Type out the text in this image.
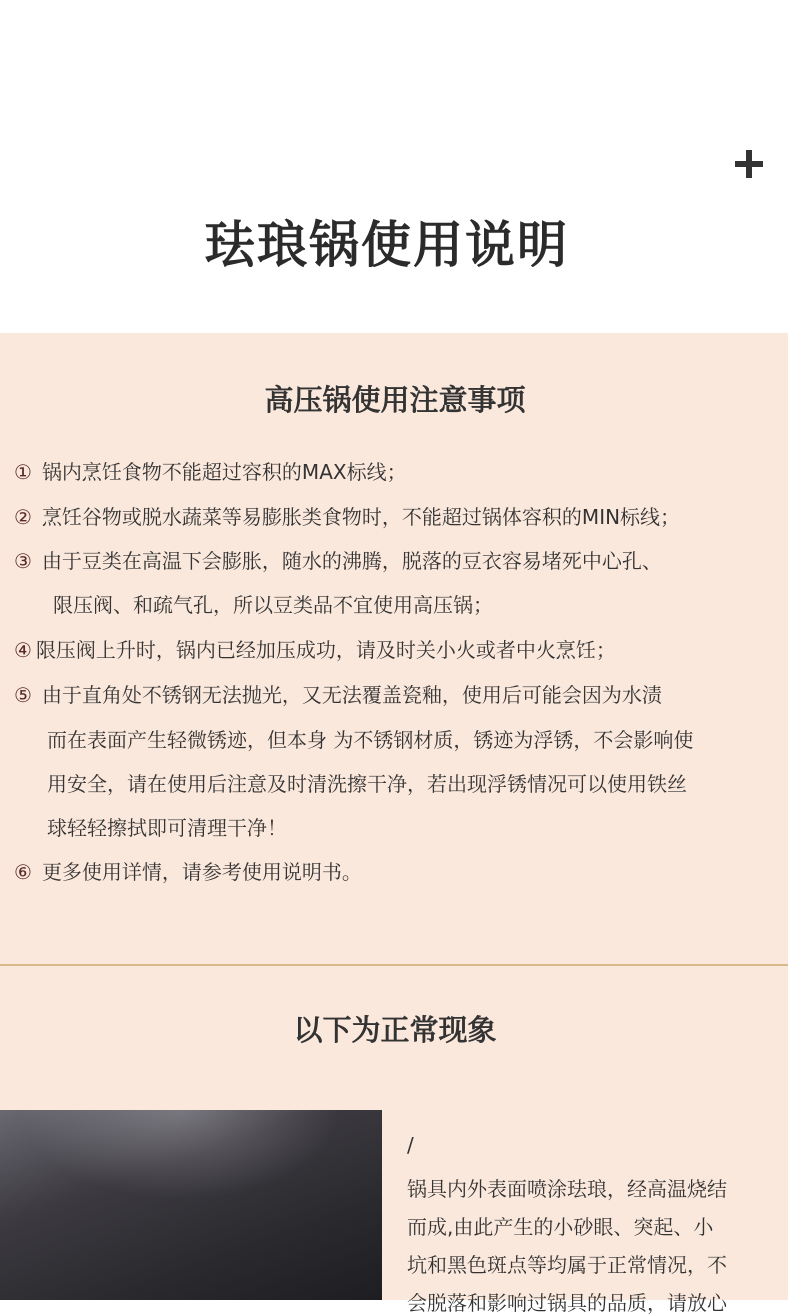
珐琅锅使用说明
高压锅使用注意事项
① 锅内烹饪食物不能超过容积的MAX标线；
② 烹饪谷物或脱水蔬菜等易膨胀类食物时，不能超过锅体容积的MIN标线；
③ 由于豆类在高温下会膨胀，随水的沸腾，脱落的豆衣容易堵死中心孔、
限压阀、和疏气孔，所以豆类品不宜使用高压锅；
④ 限压阀上升时，锅内已经加压成功，请及时关小火或者中火烹饪；
⑤ 由于直角处不锈钢无法抛光，又无法覆盖瓷釉，使用后可能会因为水渍
而在表面产生轻微锈迹，但本身 为不锈钢材质，锈迹为浮锈，不会影响使
用安全，请在使用后注意及时清洗擦干净，若出现浮锈情况可以使用铁丝
球轻轻擦拭即可清理干净！
⑥ 更多使用详情，请参考使用说明书。
以下为正常现象
/
锅具内外表面喷涂珐琅，经高温烧结
而成,由此产生的小砂眼、突起、小
坑和黑色斑点等均属于正常情况，不
会脱落和影响过锅具的品质，请放心
